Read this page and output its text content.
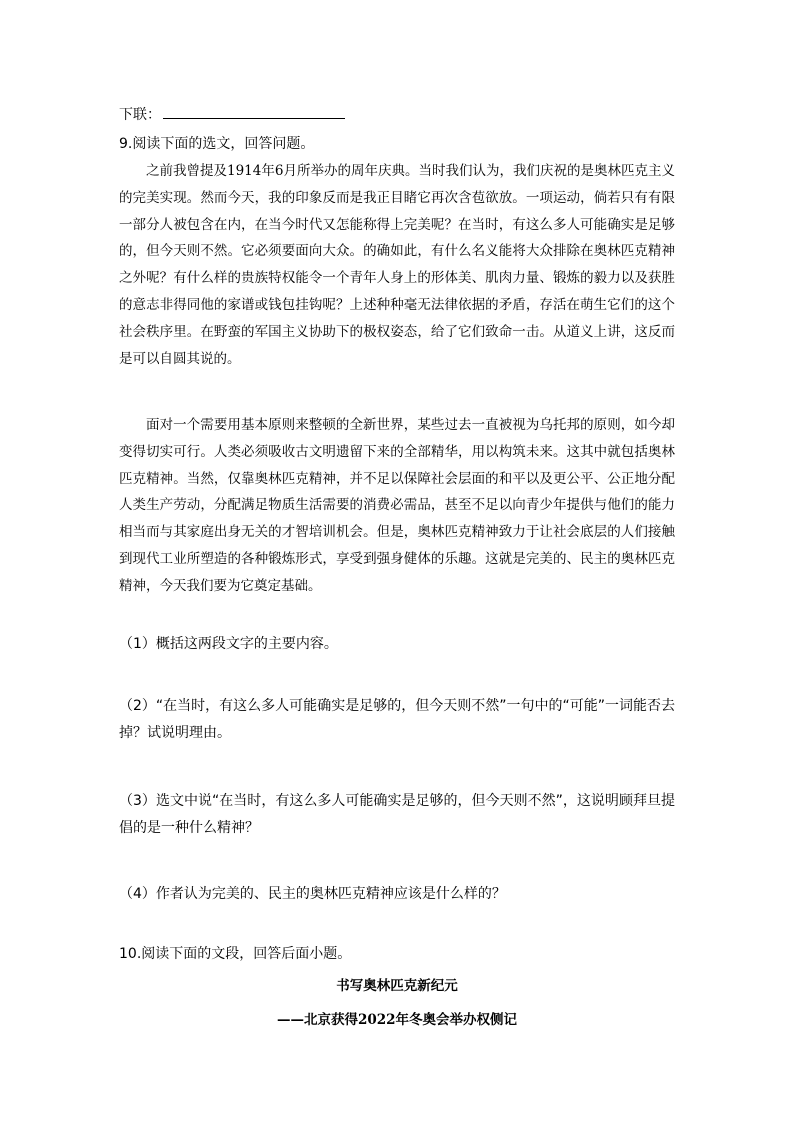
下联：
9.阅读下面的选文，回答问题。

之前我曾提及1914年6月所举办的周年庆典。当时我们认为，我们庆祝的是奥林匹克主义的完美实现。然而今天，我的印象反而是我正目睹它再次含苞欲放。一项运动，倘若只有有限一部分人被包含在内，在当今时代又怎能称得上完美呢？在当时，有这么多人可能确实是足够的，但今天则不然。它必须要面向大众。的确如此，有什么名义能将大众排除在奥林匹克精神之外呢？有什么样的贵族特权能令一个青年人身上的形体美、肌肉力量、锻炼的毅力以及获胜的意志非得同他的家谱或钱包挂钩呢？上述种种毫无法律依据的矛盾，存活在萌生它们的这个社会秩序里。在野蛮的军国主义协助下的极权姿态，给了它们致命一击。从道义上讲，这反而是可以自圆其说的。

面对一个需要用基本原则来整顿的全新世界，某些过去一直被视为乌托邦的原则，如今却变得切实可行。人类必须吸收古文明遗留下来的全部精华，用以构筑未来。这其中就包括奥林匹克精神。当然，仅靠奥林匹克精神，并不足以保障社会层面的和平以及更公平、公正地分配人类生产劳动，分配满足物质生活需要的消费必需品，甚至不足以向青少年提供与他们的能力相当而与其家庭出身无关的才智培训机会。但是，奥林匹克精神致力于让社会底层的人们接触到现代工业所塑造的各种锻炼形式，享受到强身健体的乐趣。这就是完美的、民主的奥林匹克精神，今天我们要为它奠定基础。

（1）概括这两段文字的主要内容。

（2）“在当时，有这么多人可能确实是足够的，但今天则不然”一句中的“可能”一词能否去掉？试说明理由。

（3）选文中说“在当时，有这么多人可能确实是足够的，但今天则不然”，这说明顾拜旦提倡的是一种什么精神？

（4）作者认为完美的、民主的奥林匹克精神应该是什么样的？

10.阅读下面的文段，回答后面小题。
书写奥林匹克新纪元
——北京获得2022年冬奥会举办权侧记
